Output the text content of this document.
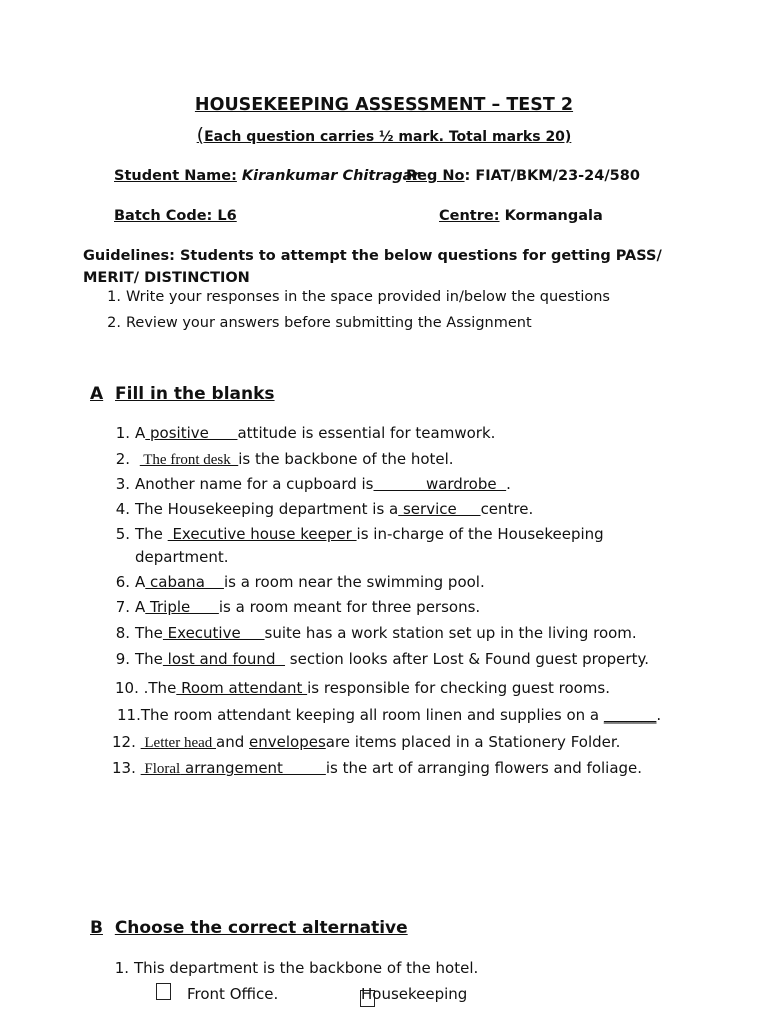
HOUSEKEEPING ASSESSMENT – TEST 2
(Each question carries ½ mark. Total marks 20)
Student Name: Kirankumar Chitragar
Reg No: FIAT/BKM/23-24/580
Batch Code: L6	Centre: Kormangala
Guidelines: Students to attempt the below questions for getting PASS/ MERIT/ DISTINCTION
1. Write your responses in the space provided in/below the questions
2. Review your answers before submitting the Assignment
A Fill in the blanks
1. A positive      attitude is essential for teamwork.
2.  The front desk  is the backbone of the hotel.
3. Another name for a cupboard is           wardrobe  .
4. The Housekeeping department is a service     centre.
5. The  Executive house keeper is in-charge of the Housekeeping
department.
6. A cabana    is a room near the swimming pool.
7. A Triple      is a room meant for three persons.
8. The Executive     suite has a work station set up in the living room.
9. The lost and found   section looks after Lost & Found guest property.
10. .The Room attendant is responsible for checking guest rooms.
11.The room attendant keeping all room linen and supplies on a _______.
12.  Letter head and envelopesare items placed in a Stationery Folder.
13.  Floral arrangement         is the art of arranging flowers and foliage.
B Choose the correct alternative
1. This department is the backbone of the hotel.
Front Office.	Housekeeping
